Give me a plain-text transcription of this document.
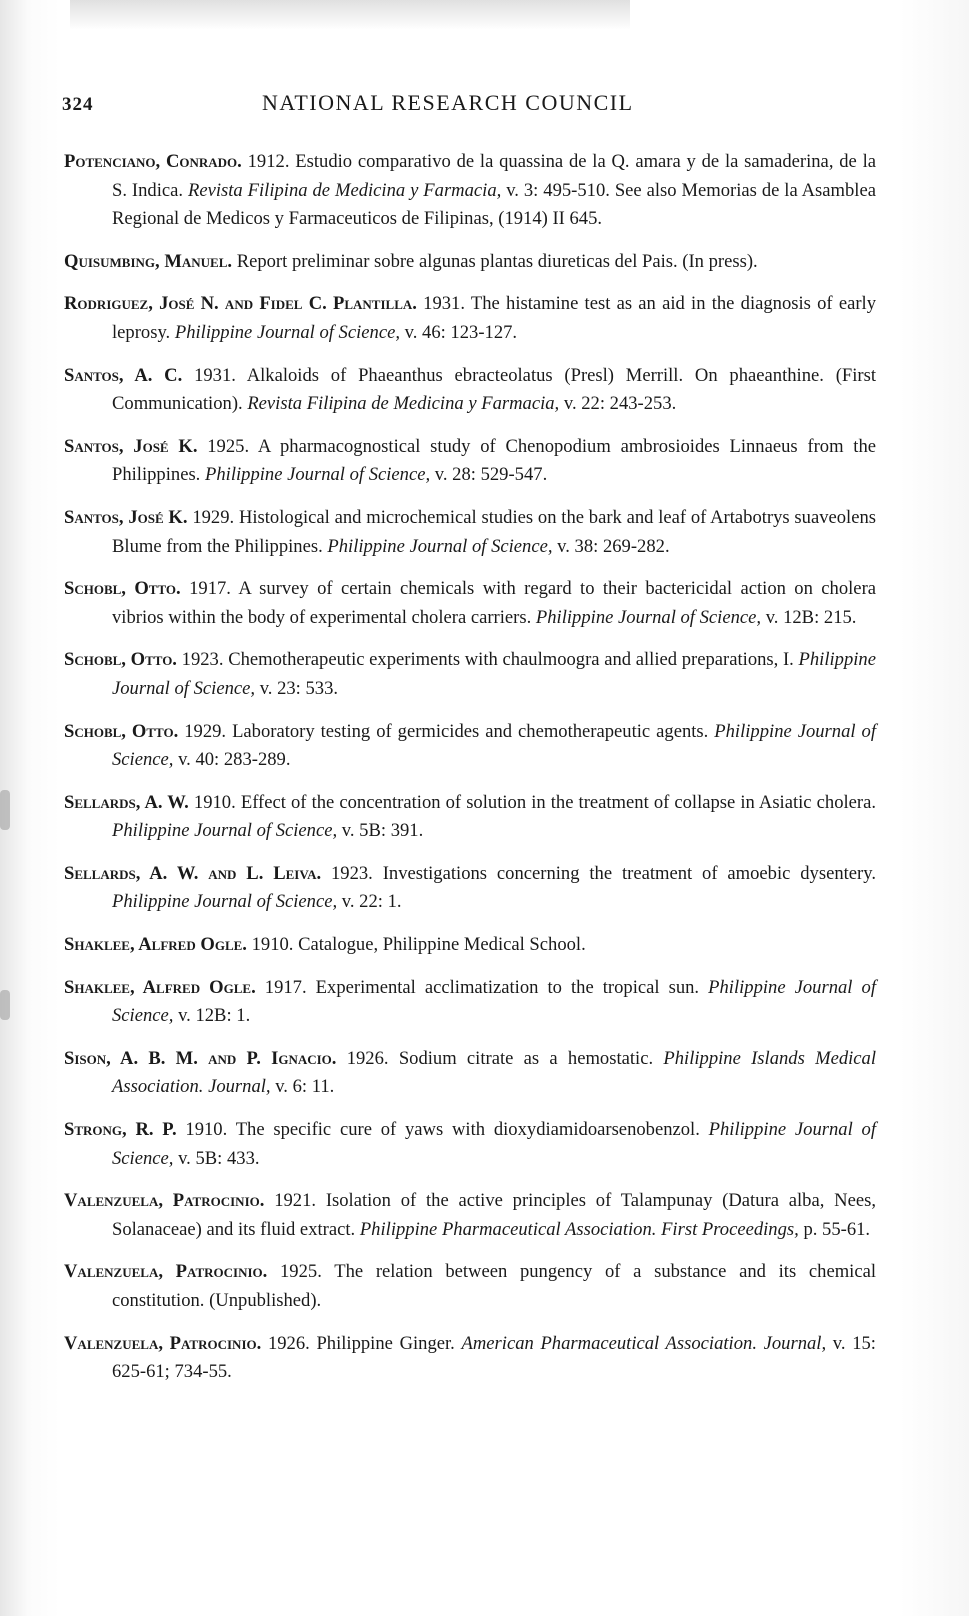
324	NATIONAL RESEARCH COUNCIL

Potenciano, Conrado. 1912. Estudio comparativo de la quassina de la Q. amara y de la samaderina, de la S. Indica. Revista Filipina de Medicina y Farmacia, v. 3: 495-510. See also Memorias de la Asamblea Regional de Medicos y Farmaceuticos de Filipinas, (1914) II 645.

Quisumbing, Manuel. Report preliminar sobre algunas plantas diureticas del Pais. (In press).

Rodriguez, José N. and Fidel C. Plantilla. 1931. The histamine test as an aid in the diagnosis of early leprosy. Philippine Journal of Science, v. 46: 123-127.

Santos, A. C. 1931. Alkaloids of Phaeanthus ebracteolatus (Presl) Merrill. On phaeanthine. (First Communication). Revista Filipina de Medicina y Farmacia, v. 22: 243-253.

Santos, José K. 1925. A pharmacognostical study of Chenopodium ambrosioides Linnaeus from the Philippines. Philippine Journal of Science, v. 28: 529-547.

Santos, José K. 1929. Histological and microchemical studies on the bark and leaf of Artabotrys suaveolens Blume from the Philippines. Philippine Journal of Science, v. 38: 269-282.

Schobl, Otto. 1917. A survey of certain chemicals with regard to their bactericidal action on cholera vibrios within the body of experimental cholera carriers. Philippine Journal of Science, v. 12B: 215.

Schobl, Otto. 1923. Chemotherapeutic experiments with chaulmoogra and allied preparations, I. Philippine Journal of Science, v. 23: 533.

Schobl, Otto. 1929. Laboratory testing of germicides and chemotherapeutic agents. Philippine Journal of Science, v. 40: 283-289.

Sellards, A. W. 1910. Effect of the concentration of solution in the treatment of collapse in Asiatic cholera. Philippine Journal of Science, v. 5B: 391.

Sellards, A. W. and L. Leiva. 1923. Investigations concerning the treatment of amoebic dysentery. Philippine Journal of Science, v. 22: 1.

Shaklee, Alfred Ogle. 1910. Catalogue, Philippine Medical School.

Shaklee, Alfred Ogle. 1917. Experimental acclimatization to the tropical sun. Philippine Journal of Science, v. 12B: 1.

Sison, A. B. M. and P. Ignacio. 1926. Sodium citrate as a hemostatic. Philippine Islands Medical Association. Journal, v. 6: 11.

Strong, R. P. 1910. The specific cure of yaws with dioxydiamidoarsenobenzol. Philippine Journal of Science, v. 5B: 433.

Valenzuela, Patrocinio. 1921. Isolation of the active principles of Talampunay (Datura alba, Nees, Solanaceae) and its fluid extract. Philippine Pharmaceutical Association. First Proceedings, p. 55-61.

Valenzuela, Patrocinio. 1925. The relation between pungency of a substance and its chemical constitution. (Unpublished).

Valenzuela, Patrocinio. 1926. Philippine Ginger. American Pharmaceutical Association. Journal, v. 15: 625-61; 734-55.
